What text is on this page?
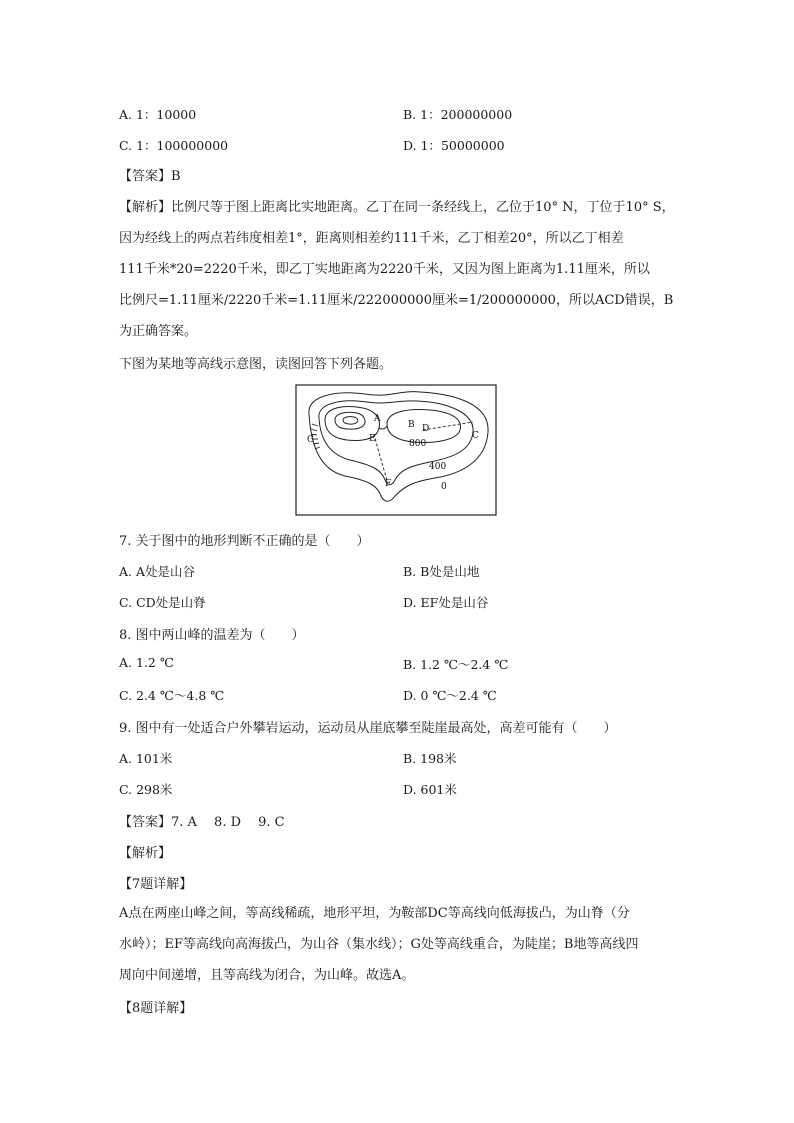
A. 1：10000	B. 1：200000000
C. 1：100000000	D. 1：50000000
【答案】B
【解析】比例尺等于图上距离比实地距离。乙丁在同一条经线上，乙位于10° N，丁位于10° S，
因为经线上的两点若纬度相差1°，距离则相差约111千米，乙丁相差20°，所以乙丁相差
111千米*20=2220千米，即乙丁实地距离为2220千米，又因为图上距离为1.11厘米，所以
比例尺=1.11厘米/2220千米=1.11厘米/222000000厘米=1/200000000，所以ACD错误，B
为正确答案。
下图为某地等高线示意图，读图回答下列各题。
A
B
C
D
E
F
G	800
400
0
7. 关于图中的地形判断不正确的是（　　）
A. A处是山谷	B. B处是山地
C. CD处是山脊	D. EF处是山谷
8. 图中两山峰的温差为（　　）
A. 1.2 ℃	B. 1.2 ℃～2.4 ℃
C. 2.4 ℃～4.8 ℃	D. 0 ℃～2.4 ℃
9. 图中有一处适合户外攀岩运动，运动员从崖底攀至陡崖最高处，高差可能有（　　）
A. 101米	B. 198米
C. 298米	D. 601米
【答案】7. A　 8. D　 9. C
【解析】
【7题详解】
A点在两座山峰之间，等高线稀疏，地形平坦，为鞍部DC等高线向低海拔凸，为山脊（分
水岭）；EF等高线向高海拔凸，为山谷（集水线）；G处等高线重合，为陡崖；B地等高线四
周向中间递增，且等高线为闭合，为山峰。故选A。
【8题详解】
